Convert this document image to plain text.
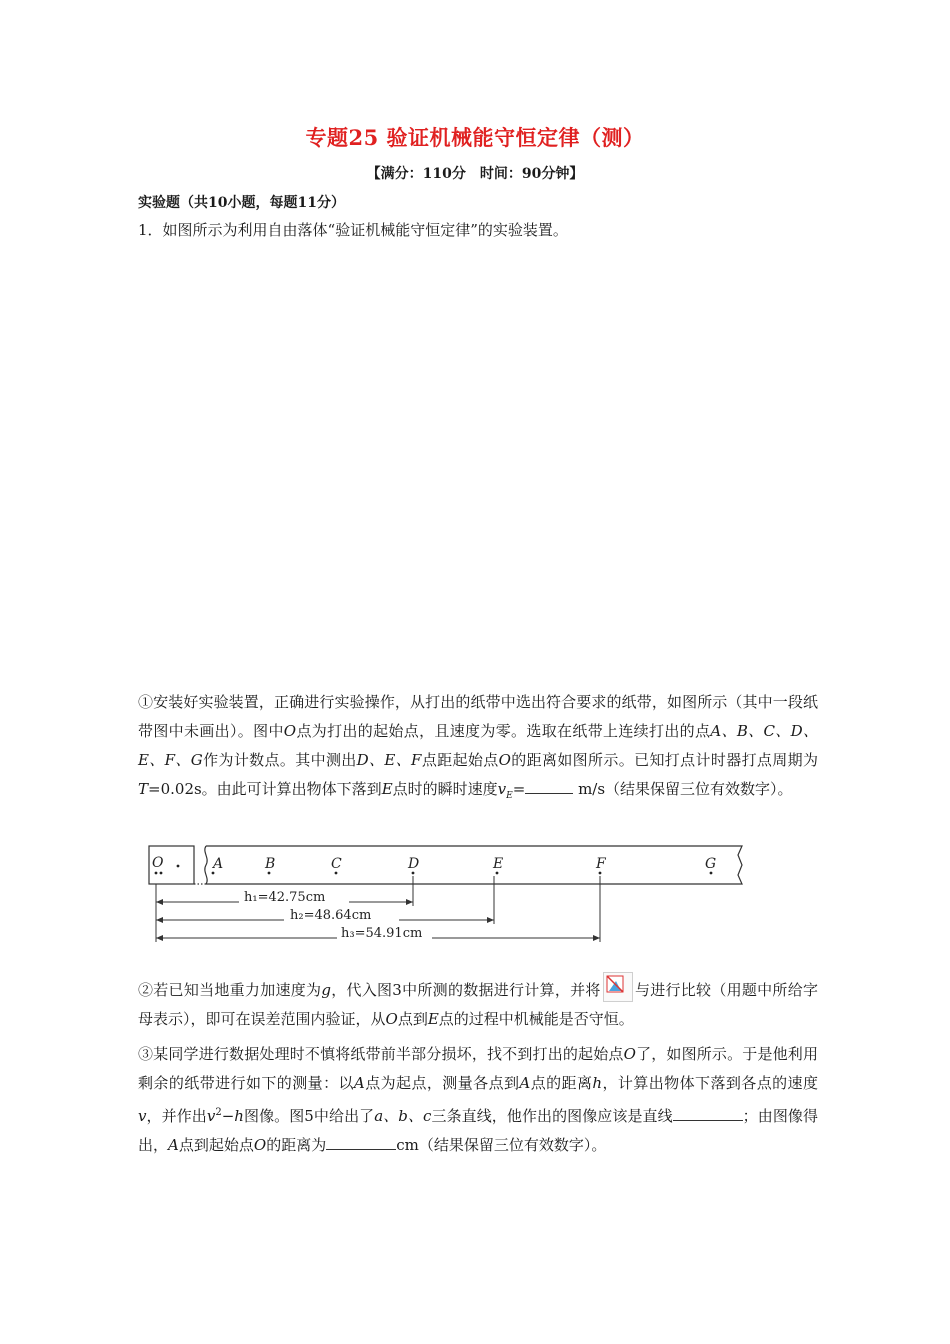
专题25 验证机械能守恒定律（测）
【满分：110分　时间：90分钟】
实验题（共10小题，每题11分）
1．如图所示为利用自由落体“验证机械能守恒定律”的实验装置。
①安装好实验装置，正确进行实验操作，从打出的纸带中选出符合要求的纸带，如图所示（其中一段纸带图中未画出）。图中O点为打出的起始点，且速度为零。选取在纸带上连续打出的点A、B、C、D、E、F、G作为计数点。其中测出D、E、F点距起始点O的距离如图所示。已知打点计时器打点周期为T=0.02s。由此可计算出物体下落到E点时的瞬时速度$v_E=$	m/s（结果保留三位有效数字）。
O	A	B	C	D	E	F	G
h₁=42.75cm
h₂=48.64cm
h₃=54.91cm
②若已知当地重力加速度为g，代入图3中所测的数据进行计算，并将 与进行比较（用题中所给字母表示），即可在误差范围内验证，从O点到E点的过程中机械能是否守恒。
③某同学进行数据处理时不慎将纸带前半部分损坏，找不到打出的起始点O了，如图所示。于是他利用剩余的纸带进行如下的测量：以A点为起点，测量各点到A点的距离h，计算出物体下落到各点的速度v，并作出$v^2-h$图像。图5中给出了a、b、c三条直线，他作出的图像应该是直线	；由图像得出，A点到起始点O的距离为	cm（结果保留三位有效数字）。
